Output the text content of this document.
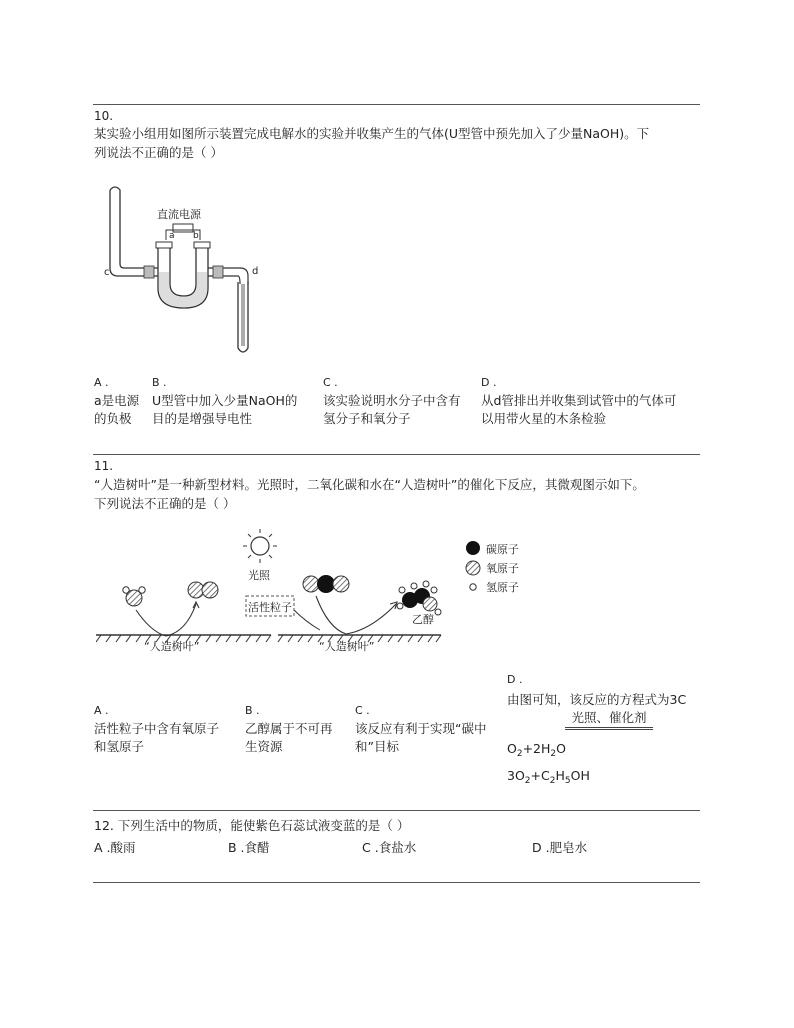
10.
某实验小组用如图所示装置完成电解水的实验并收集产生的气体(U型管中预先加入了少量NaOH)。下
列说法不正确的是（ ）
直流电源
a b
c	d
A .
a是电源
的负极
B .
U型管中加入少量NaOH的
目的是增强导电性
C .
该实验说明水分子中含有
氢分子和氧分子
D .
从d管排出并收集到试管中的气体可
以用带火星的木条检验
11.
“人造树叶”是一种新型材料。光照时，二氧化碳和水在“人造树叶”的催化下反应，其微观图示如下。
下列说法不正确的是（ ）
光照
活性粒子
乙醇
“人造树叶”	“人造树叶”
碳原子
氧原子
氢原子
A .
活性粒子中含有氧原子
和氢原子
B .
乙醇属于不可再
生资源
C .
该反应有利于实现“碳中
和”目标
D .
由图可知，该反应的方程式为3C
光照、催化剂
$O_2+2H_2O$
$3O_2+C_2H_5OH$
12. 下列生活中的物质，能使紫色石蕊试液变蓝的是（ ）
A .酸雨	B .食醋	C .食盐水	D .肥皂水
